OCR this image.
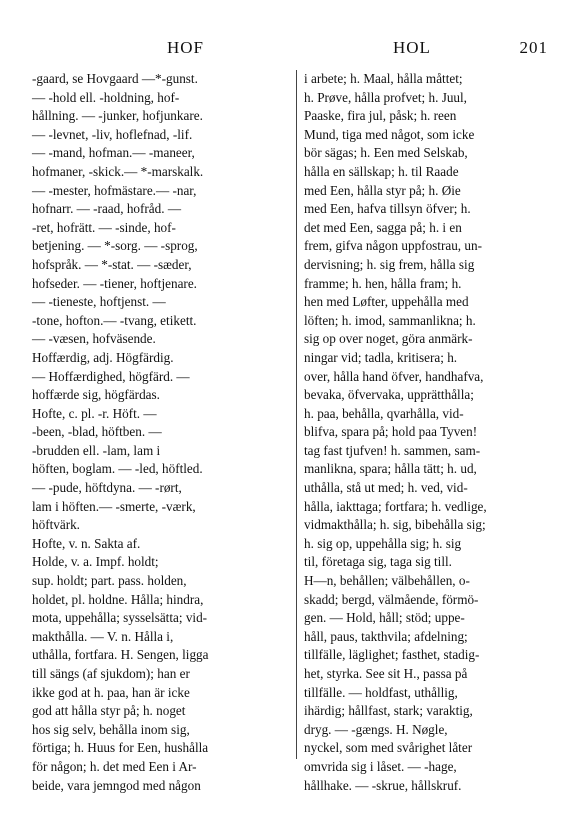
HOF	HOL	201
-gaard, se Hovgaard —*-gunst.
— -hold ell. -holdning, hof-
hållning. — -junker, hofjunkare.
— -levnet, -liv, hoflefnad, -lif.
— -mand, hofman.— -maneer,
hofmaner, -skick.— *-marskalk.
— -mester, hofmästare.— -nar,
hofnarr. — -raad, hofråd. —
-ret, hofrätt. — -sinde, hof-
betjening. — *-sorg. — -sprog,
hofspråk. — *-stat. — -sæder,
hofseder. — -tiener, hoftjenare.
— -tieneste, hoftjenst. —
-tone, hofton.— -tvang, etikett.
— -væsen, hofväsende.
Hoffærdig, adj. Högfärdig.
— Hoffærdighed, högfärd. —
hoffærde sig, högfärdas.
Hofte, c. pl. -r. Höft. —
-been, -blad, höftben. —
-brudden ell. -lam, lam i
höften, boglam. — -led, höftled.
— -pude, höftdyna. — -rørt,
lam i höften.— -smerte, -værk,
höftvärk.
Hofte, v. n. Sakta af.
Holde, v. a. Impf. holdt;
sup. holdt; part. pass. holden,
holdet, pl. holdne. Hålla; hindra,
mota, uppehålla; sysselsätta; vid-
makthålla. — V. n. Hålla i,
uthålla, fortfara. H. Sengen, ligga
till sängs (af sjukdom); han er
ikke god at h. paa, han är icke
god att hålla styr på; h. noget
hos sig selv, behålla inom sig,
förtiga; h. Huus for Een, hushålla
för någon; h. det med Een i Ar-
beide, vara jemngod med någon
i arbete; h. Maal, hålla måttet;
h. Prøve, hålla profvet; h. Juul,
Paaske, fira jul, påsk; h. reen
Mund, tiga med något, som icke
bör sägas; h. Een med Selskab,
hålla en sällskap; h. til Raade
med Een, hålla styr på; h. Øie
med Een, hafva tillsyn öfver; h.
det med Een, sagga på; h. i en
frem, gifva någon uppfostrau, un-
dervisning; h. sig frem, hålla sig
framme; h. hen, hålla fram; h.
hen med Løfter, uppehålla med
löften; h. imod, sammanlikna; h.
sig op over noget, göra anmärk-
ningar vid; tadla, kritisera; h.
over, hålla hand öfver, handhafva,
bevaka, öfvervaka, upprätthålla;
h. paa, behålla, qvarhålla, vid-
blifva, spara på; hold paa Tyven!
tag fast tjufven! h. sammen, sam-
manlikna, spara; hålla tätt; h. ud,
uthålla, stå ut med; h. ved, vid-
hålla, iakttaga; fortfara; h. vedlige,
vidmakthålla; h. sig, bibehålla sig;
h. sig op, uppehålla sig; h. sig
til, företaga sig, taga sig till.
H—n, behållen; välbehållen, o-
skadd; bergd, välmående, förmö-
gen. — Hold, håll; stöd; uppe-
håll, paus, takthvila; afdelning;
tillfälle, läglighet; fasthet, stadig-
het, styrka. See sit H., passa på
tillfälle. — holdfast, uthållig,
ihärdig; hållfast, stark; varaktig,
dryg. — -gængs. H. Nøgle,
nyckel, som med svårighet låter
omvrida sig i låset. — -hage,
hållhake. — -skrue, hållskruf.
